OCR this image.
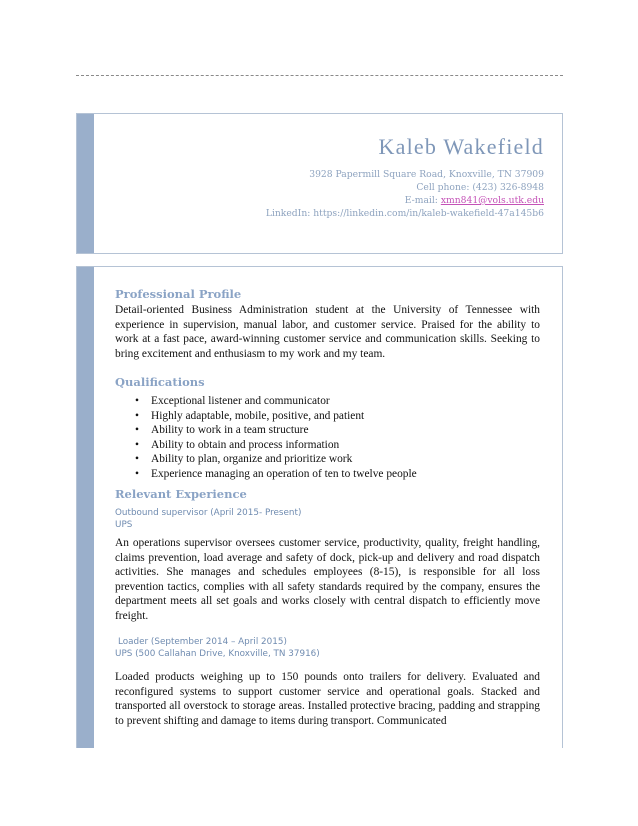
Kaleb Wakefield
3928 Papermill Square Road, Knoxville, TN 37909
Cell phone: (423) 326-8948
E-mail: xmn841@vols.utk.edu
LinkedIn: https://linkedin.com/in/kaleb-wakefield-47a145b6
Professional Profile
Detail-oriented Business Administration student at the University of Tennessee with experience in supervision, manual labor, and customer service. Praised for the ability to work at a fast pace, award-winning customer service and communication skills. Seeking to bring excitement and enthusiasm to my work and my team.
Qualifications
• Exceptional listener and communicator
• Highly adaptable, mobile, positive, and patient
• Ability to work in a team structure
• Ability to obtain and process information
• Ability to plan, organize and prioritize work
• Experience managing an operation of ten to twelve people
Relevant Experience
Outbound supervisor (April 2015- Present)
UPS
An operations supervisor oversees customer service, productivity, quality, freight handling, claims prevention, load average and safety of dock, pick-up and delivery and road dispatch activities. She manages and schedules employees (8-15), is responsible for all loss prevention tactics, complies with all safety standards required by the company, ensures the department meets all set goals and works closely with central dispatch to efficiently move freight.
Loader (September 2014 – April 2015)
UPS (500 Callahan Drive, Knoxville, TN 37916)
Loaded products weighing up to 150 pounds onto trailers for delivery. Evaluated and reconfigured systems to support customer service and operational goals. Stacked and transported all overstock to storage areas. Installed protective bracing, padding and strapping to prevent shifting and damage to items during transport. Communicated
